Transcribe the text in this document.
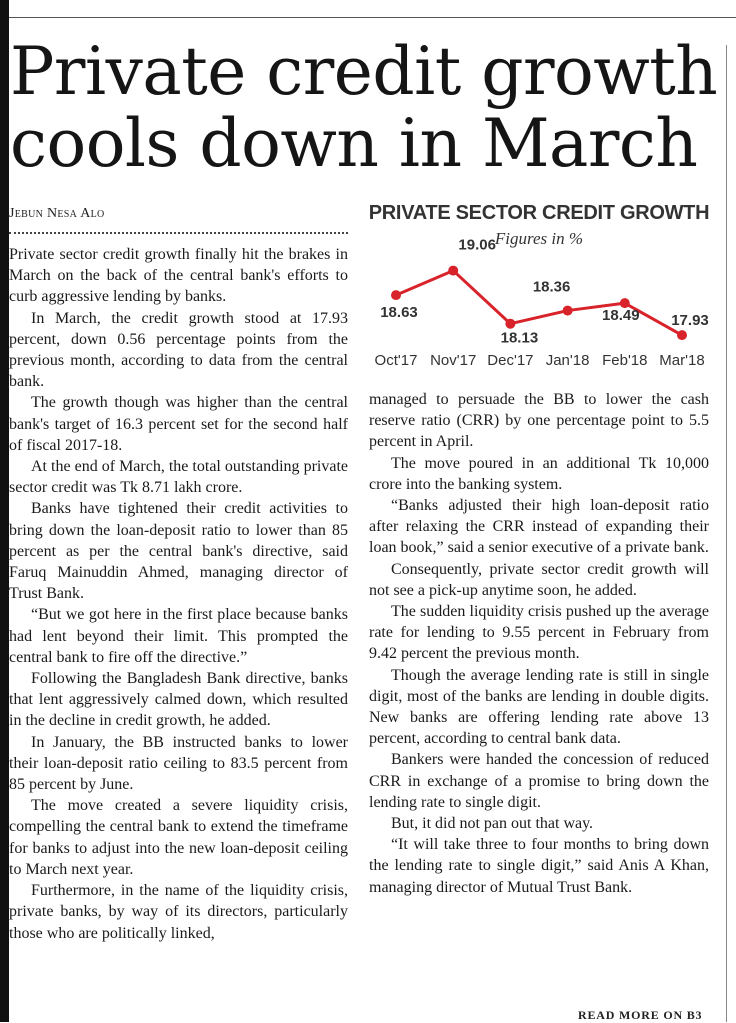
Private credit growth
cools down in March
Jebun Nesa Alo

Private sector credit growth finally hit the brakes in March on the back of the central bank's efforts to curb aggressive lending by banks.

In March, the credit growth stood at 17.93 percent, down 0.56 percentage points from the previous month, according to data from the central bank.

The growth though was higher than the central bank's target of 16.3 percent set for the second half of fiscal 2017-18.

At the end of March, the total outstanding private sector credit was Tk 8.71 lakh crore.

Banks have tightened their credit activities to bring down the loan-deposit ratio to lower than 85 percent as per the central bank's directive, said Faruq Mainuddin Ahmed, managing director of Trust Bank.

“But we got here in the first place because banks had lent beyond their limit. This prompted the central bank to fire off the directive.”

Following the Bangladesh Bank directive, banks that lent aggressively calmed down, which resulted in the decline in credit growth, he added.

In January, the BB instructed banks to lower their loan-deposit ratio ceiling to 83.5 percent from 85 percent by June.

The move created a severe liquidity crisis, compelling the central bank to extend the timeframe for banks to adjust into the new loan-deposit ceiling to March next year.

Furthermore, in the name of the liquidity crisis, private banks, by way of its directors, particularly those who are politically linked,

PRIVATE SECTOR CREDIT GROWTH
Figures in %
18.63
19.06
18.13
18.36
18.49 17.93
Oct'17 Nov'17 Dec'17 Jan'18 Feb'18 Mar'18

managed to persuade the BB to lower the cash reserve ratio (CRR) by one percentage point to 5.5 percent in April.

The move poured in an additional Tk 10,000 crore into the banking system.

“Banks adjusted their high loan-deposit ratio after relaxing the CRR instead of expanding their loan book,” said a senior executive of a private bank.

Consequently, private sector credit growth will not see a pick-up anytime soon, he added.

The sudden liquidity crisis pushed up the average rate for lending to 9.55 percent in February from 9.42 percent the previous month.

Though the average lending rate is still in single digit, most of the banks are lending in double digits. New banks are offering lending rate above 13 percent, according to central bank data.

Bankers were handed the concession of reduced CRR in exchange of a promise to bring down the lending rate to single digit.

But, it did not pan out that way.

“It will take three to four months to bring down the lending rate to single digit,” said Anis A Khan, managing director of Mutual Trust Bank.

READ MORE ON B3
